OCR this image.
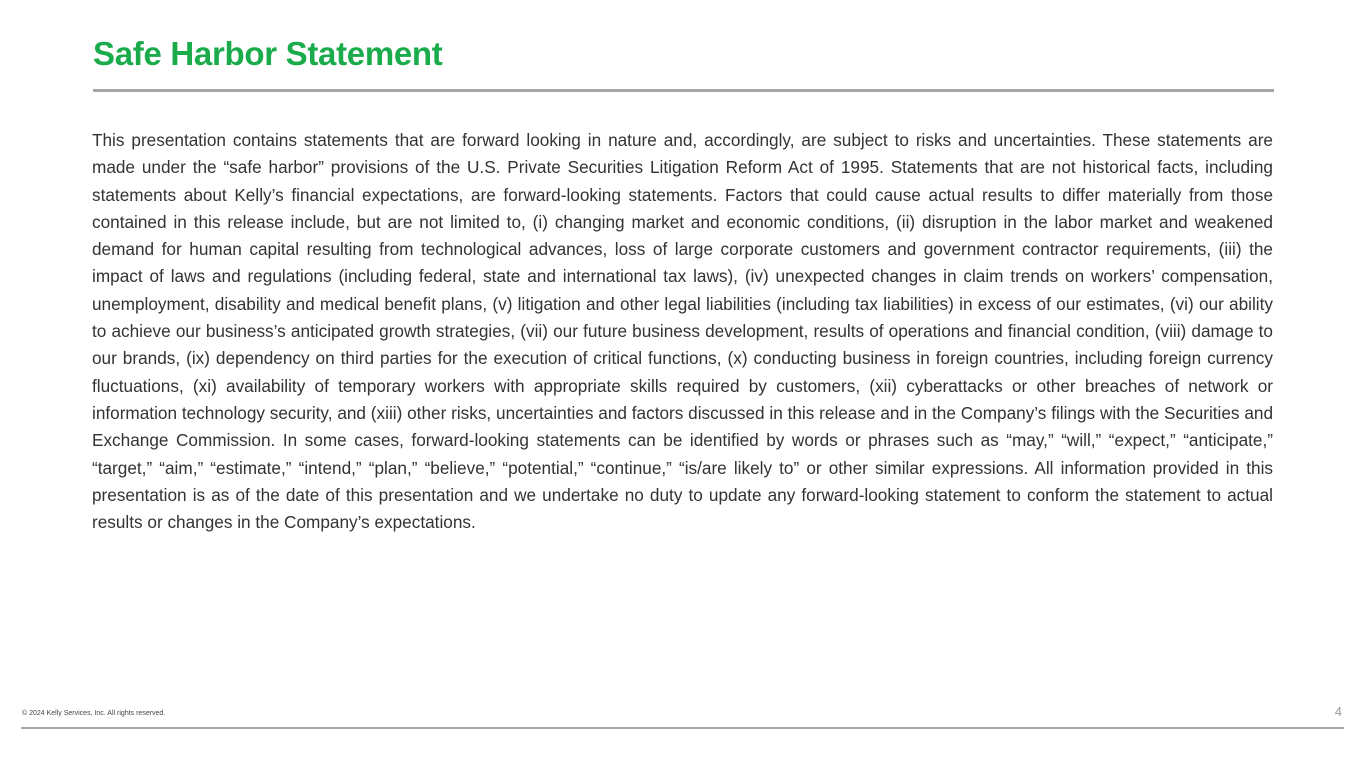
Safe Harbor Statement

This presentation contains statements that are forward looking in nature and, accordingly, are subject to risks and uncertainties. These statements are made under the “safe harbor” provisions of the U.S. Private Securities Litigation Reform Act of 1995. Statements that are not historical facts, including statements about Kelly’s financial expectations, are forward-looking statements. Factors that could cause actual results to differ materially from those contained in this release include, but are not limited to, (i) changing market and economic conditions, (ii) disruption in the labor market and weakened demand for human capital resulting from technological advances, loss of large corporate customers and government contractor requirements, (iii) the impact of laws and regulations (including federal, state and international tax laws), (iv) unexpected changes in claim trends on workers’ compensation, unemployment, disability and medical benefit plans, (v) litigation and other legal liabilities (including tax liabilities) in excess of our estimates, (vi) our ability to achieve our business’s anticipated growth strategies, (vii) our future business development, results of operations and financial condition, (viii) damage to our brands, (ix) dependency on third parties for the execution of critical functions, (x) conducting business in foreign countries, including foreign currency fluctuations, (xi) availability of temporary workers with appropriate skills required by customers, (xii) cyberattacks or other breaches of network or information technology security, and (xiii) other risks, uncertainties and factors discussed in this release and in the Company’s filings with the Securities and Exchange Commission. In some cases, forward-looking statements can be identified by words or phrases such as “may,” “will,” “expect,” “anticipate,” “target,” “aim,” “estimate,” “intend,” “plan,” “believe,” “potential,” “continue,” “is/are likely to” or other similar expressions. All information provided in this presentation is as of the date of this presentation and we undertake no duty to update any forward-looking statement to conform the statement to actual results or changes in the Company’s expectations.

© 2024 Kelly Services, Inc. All rights reserved.	4
